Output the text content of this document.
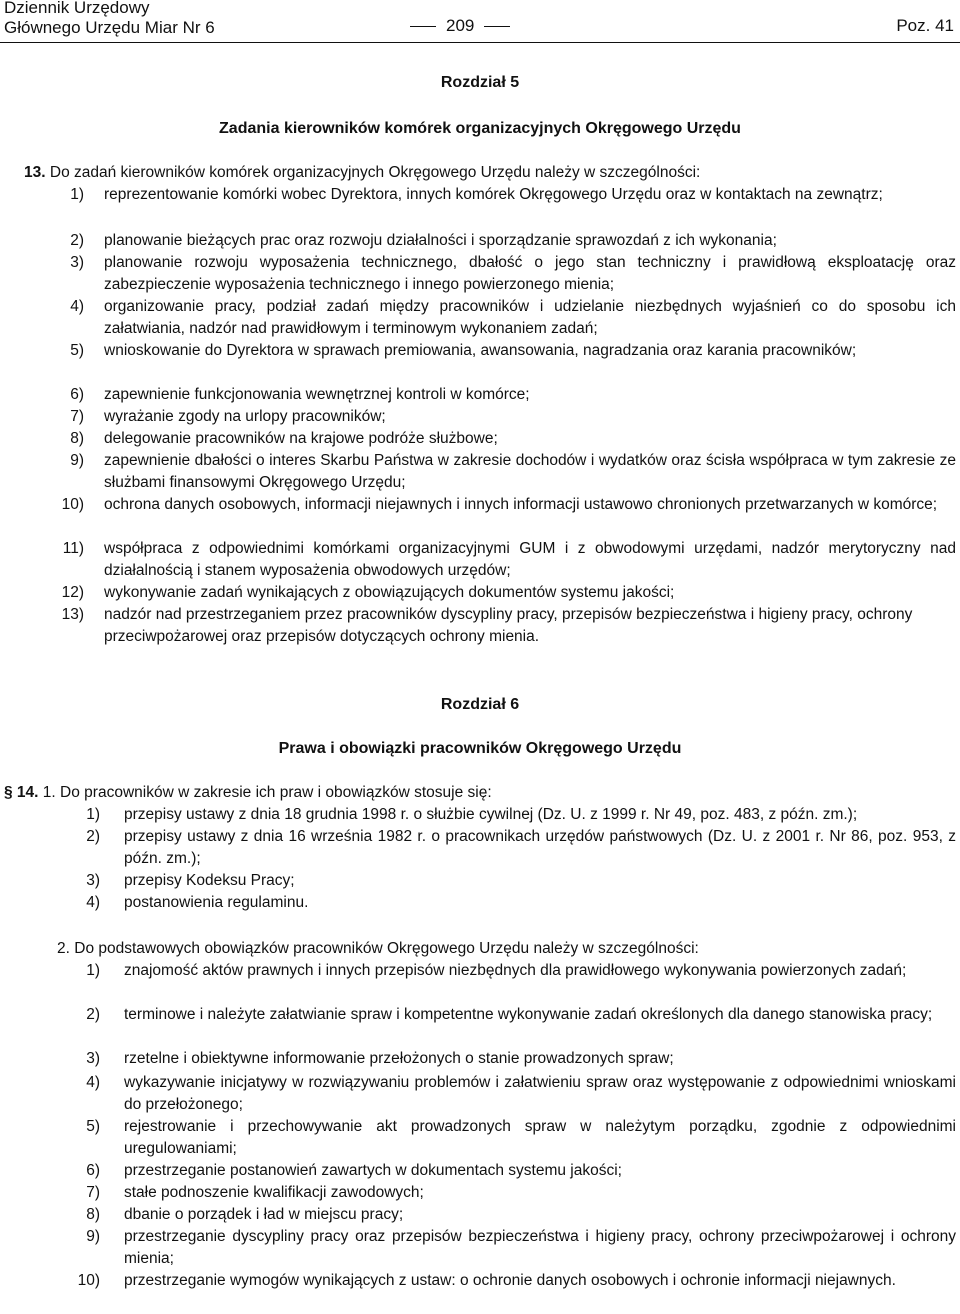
Dziennik Urzędowy
Głównego Urzędu Miar Nr 6	209	Poz. 41
Rozdział 5
Zadania kierowników komórek organizacyjnych Okręgowego Urzędu
13. Do zadań kierowników komórek organizacyjnych Okręgowego Urzędu należy w szczególności:
1) reprezentowanie komórki wobec Dyrektora, innych komórek Okręgowego Urzędu oraz w kontaktach na zewnątrz;
2) planowanie bieżących prac oraz rozwoju działalności i sporządzanie sprawozdań z ich wykonania;
3) planowanie rozwoju wyposażenia technicznego, dbałość o jego stan techniczny i prawidłową eksploatację oraz zabezpieczenie wyposażenia technicznego i innego powierzonego mienia;
4) organizowanie pracy, podział zadań między pracowników i udzielanie niezbędnych wyjaśnień co do sposobu ich załatwiania, nadzór nad prawidłowym i terminowym wykonaniem zadań;
5) wnioskowanie do Dyrektora w sprawach premiowania, awansowania, nagradzania oraz karania pracowników;
6) zapewnienie funkcjonowania wewnętrznej kontroli w komórce;
7) wyrażanie zgody na urlopy pracowników;
8) delegowanie pracowników na krajowe podróże służbowe;
9) zapewnienie dbałości o interes Skarbu Państwa w zakresie dochodów i wydatków oraz ścisła współpraca w tym zakresie ze służbami finansowymi Okręgowego Urzędu;
10) ochrona danych osobowych, informacji niejawnych i innych informacji ustawowo chronionych przetwarzanych w komórce;
11) współpraca z odpowiednimi komórkami organizacyjnymi GUM i z obwodowymi urzędami, nadzór merytoryczny nad działalnością i stanem wyposażenia obwodowych urzędów;
12) wykonywanie zadań wynikających z obowiązujących dokumentów systemu jakości;
13) nadzór nad przestrzeganiem przez pracowników dyscypliny pracy, przepisów bezpieczeństwa i higieny pracy, ochrony przeciwpożarowej oraz przepisów dotyczących ochrony mienia.
Rozdział 6
Prawa i obowiązki pracowników Okręgowego Urzędu
§ 14. 1. Do pracowników w zakresie ich praw i obowiązków stosuje się:
1) przepisy ustawy z dnia 18 grudnia 1998 r. o służbie cywilnej (Dz. U. z 1999 r. Nr 49, poz. 483, z późn. zm.);
2) przepisy ustawy z dnia 16 września 1982 r. o pracownikach urzędów państwowych (Dz. U. z 2001 r. Nr 86, poz. 953, z późn. zm.);
3) przepisy Kodeksu Pracy;
4) postanowienia regulaminu.
2. Do podstawowych obowiązków pracowników Okręgowego Urzędu należy w szczególności:
1) znajomość aktów prawnych i innych przepisów niezbędnych dla prawidłowego wykonywania powierzonych zadań;
2) terminowe i należyte załatwianie spraw i kompetentne wykonywanie zadań określonych dla danego stanowiska pracy;
3) rzetelne i obiektywne informowanie przełożonych o stanie prowadzonych spraw;
4) wykazywanie inicjatywy w rozwiązywaniu problemów i załatwieniu spraw oraz występowanie z odpowiednimi wnioskami do przełożonego;
5) rejestrowanie i przechowywanie akt prowadzonych spraw w należytym porządku, zgodnie z odpowiednimi uregulowaniami;
6) przestrzeganie postanowień zawartych w dokumentach systemu jakości;
7) stałe podnoszenie kwalifikacji zawodowych;
8) dbanie o porządek i ład w miejscu pracy;
9) przestrzeganie dyscypliny pracy oraz przepisów bezpieczeństwa i higieny pracy, ochrony przeciwpożarowej i ochrony mienia;
10) przestrzeganie wymogów wynikających z ustaw: o ochronie danych osobowych i ochronie informacji niejawnych.
